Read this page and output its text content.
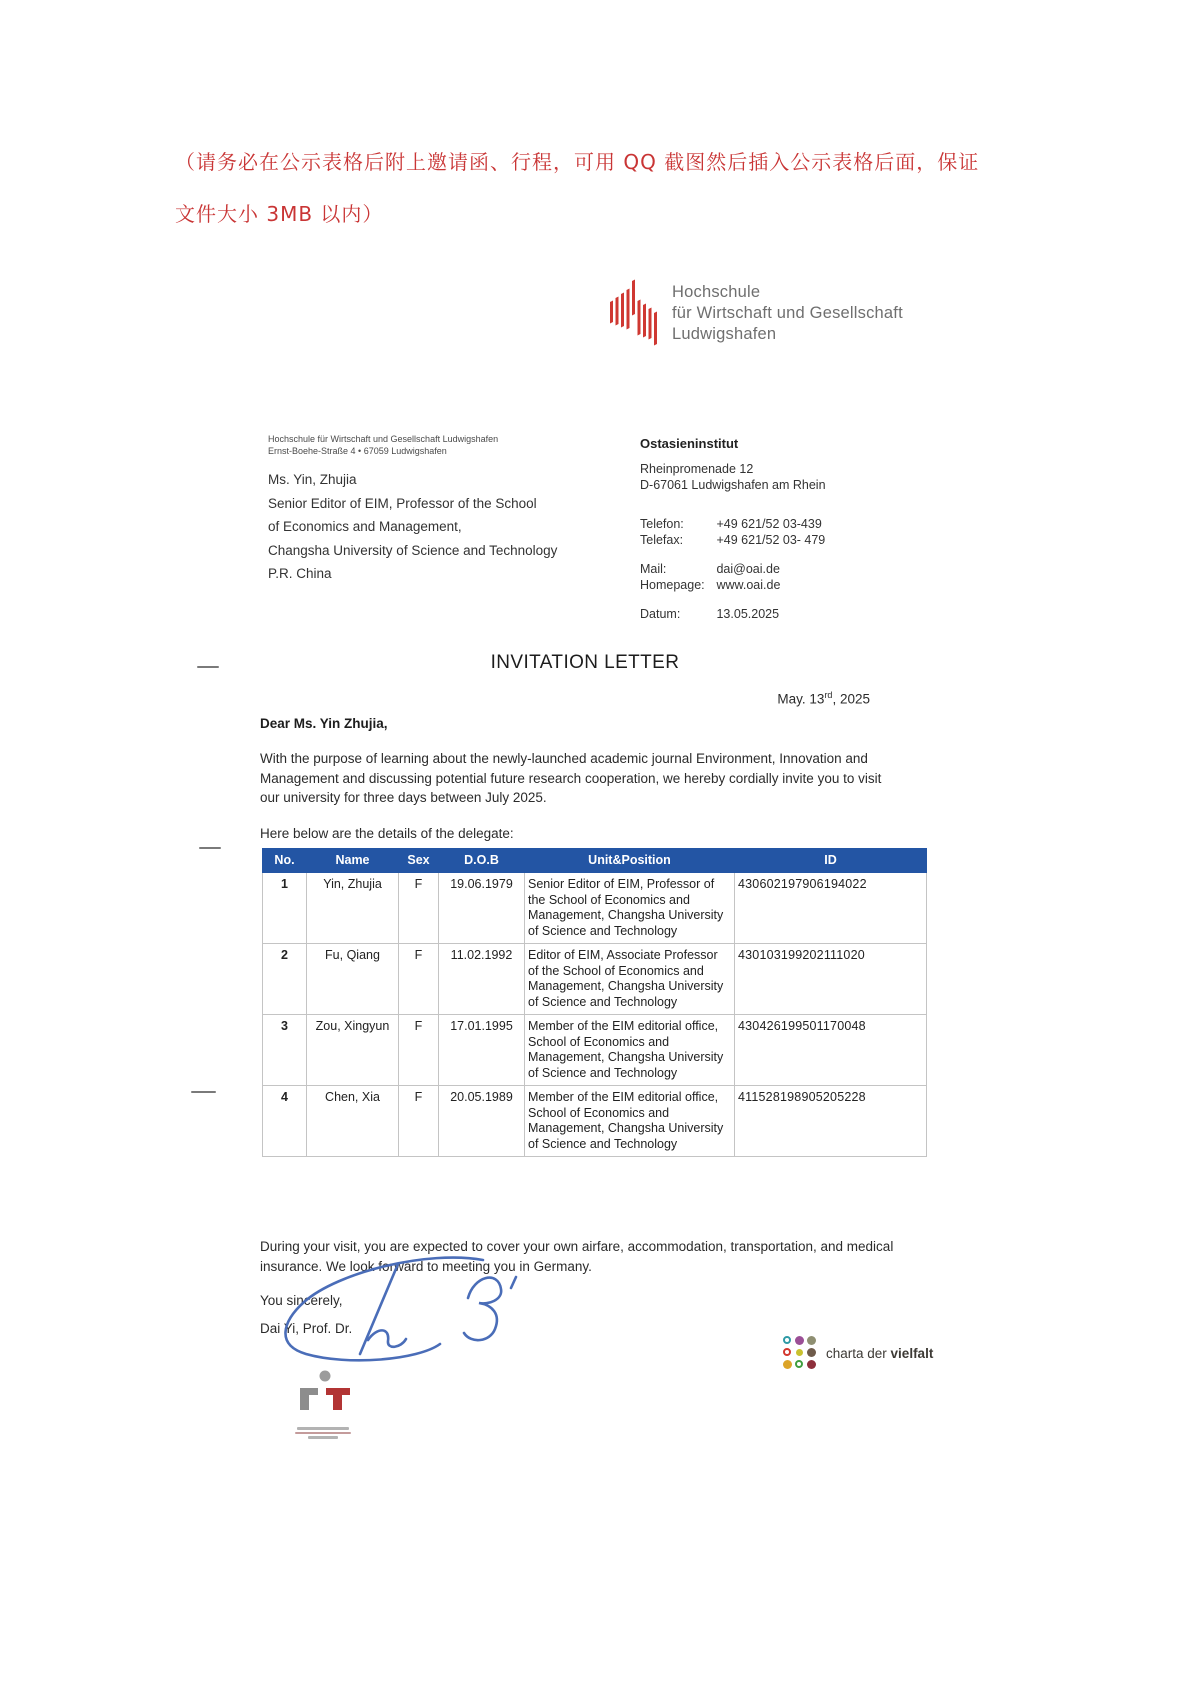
（请务必在公示表格后附上邀请函、行程，可用 QQ 截图然后插入公示表格后面，保证
文件大小 3MB 以内）
Hochschule
für Wirtschaft und Gesellschaft
Ludwigshafen
Hochschule für Wirtschaft und Gesellschaft Ludwigshafen
Ernst-Boehe-Straße 4 • 67059 Ludwigshafen
Ms. Yin, Zhujia
Senior Editor of EIM, Professor of the School
of Economics and Management,
Changsha University of Science and Technology
P.R. China
Ostasieninstitut
Rheinpromenade 12
D-67061 Ludwigshafen am Rhein
Telefon:	+49 621/52 03-439
Telefax:	+49 621/52 03- 479
Mail:	dai@oai.de
Homepage: www.oai.de
Datum:	13.05.2025
INVITATION LETTER
May. 13rd, 2025
Dear Ms. Yin Zhujia,
With the purpose of learning about the newly-launched academic journal Environment, Innovation and Management and discussing potential future research cooperation, we hereby cordially invite you to visit our university for three days between July 2025.
Here below are the details of the delegate:
No.	Name	Sex	D.O.B	Unit&Position	ID
1	Yin, Zhujia	F	19.06.1979	Senior Editor of EIM, Professor of the School of Economics and Management, Changsha University of Science and Technology	430602197906194022
2	Fu, Qiang	F	11.02.1992	Editor of EIM, Associate Professor of the School of Economics and Management, Changsha University of Science and Technology	430103199202111020
3	Zou, Xingyun	F	17.01.1995	Member of the EIM editorial office, School of Economics and Management, Changsha University of Science and Technology	430426199501170048
4	Chen, Xia	F	20.05.1989	Member of the EIM editorial office, School of Economics and Management, Changsha University of Science and Technology	411528198905205228
During your visit, you are expected to cover your own airfare, accommodation, transportation, and medical insurance. We look forward to meeting you in Germany.
You sincerely,
Dai Yi, Prof. Dr.
charta der vielfalt
